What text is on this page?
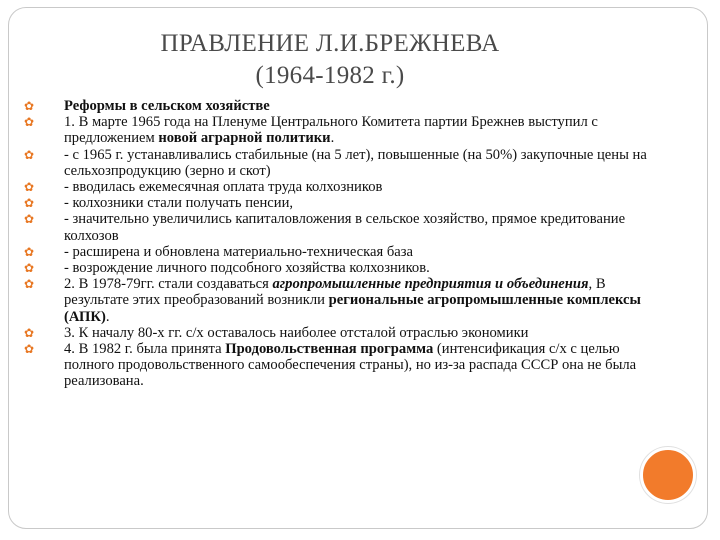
ПРАВЛЕНИЕ Л.И.БРЕЖНЕВА
(1964-1982 г.)
✿ Реформы в сельском хозяйстве
✿ 1. В марте 1965 года на Пленуме Центрального Комитета партии Брежнев выступил с предложением новой аграрной политики.
✿ - с 1965 г. устанавливались стабильные (на 5 лет), повышенные (на 50%) закупочные цены на сельхозпродукцию (зерно и скот)
✿ - вводилась ежемесячная оплата труда колхозников
✿ - колхозники стали получать пенсии,
✿ - значительно увеличились капиталовложения в сельское хозяйство, прямое кредитование колхозов
✿ - расширена и обновлена материально-техническая база
✿ - возрождение личного подсобного хозяйства колхозников.
✿ 2. В 1978-79гг. стали создаваться агропромышленные предприятия и объединения, В результате этих преобразований возникли региональные агропромышленные комплексы (АПК).
✿ 3. К началу 80-х гг. с/х оставалось наиболее отсталой отраслью экономики
✿ 4. В 1982 г. была принята Продовольственная программа (интенсификация с/х с целью полного продовольственного самообеспечения страны), но из-за распада СССР она не была реализована.
